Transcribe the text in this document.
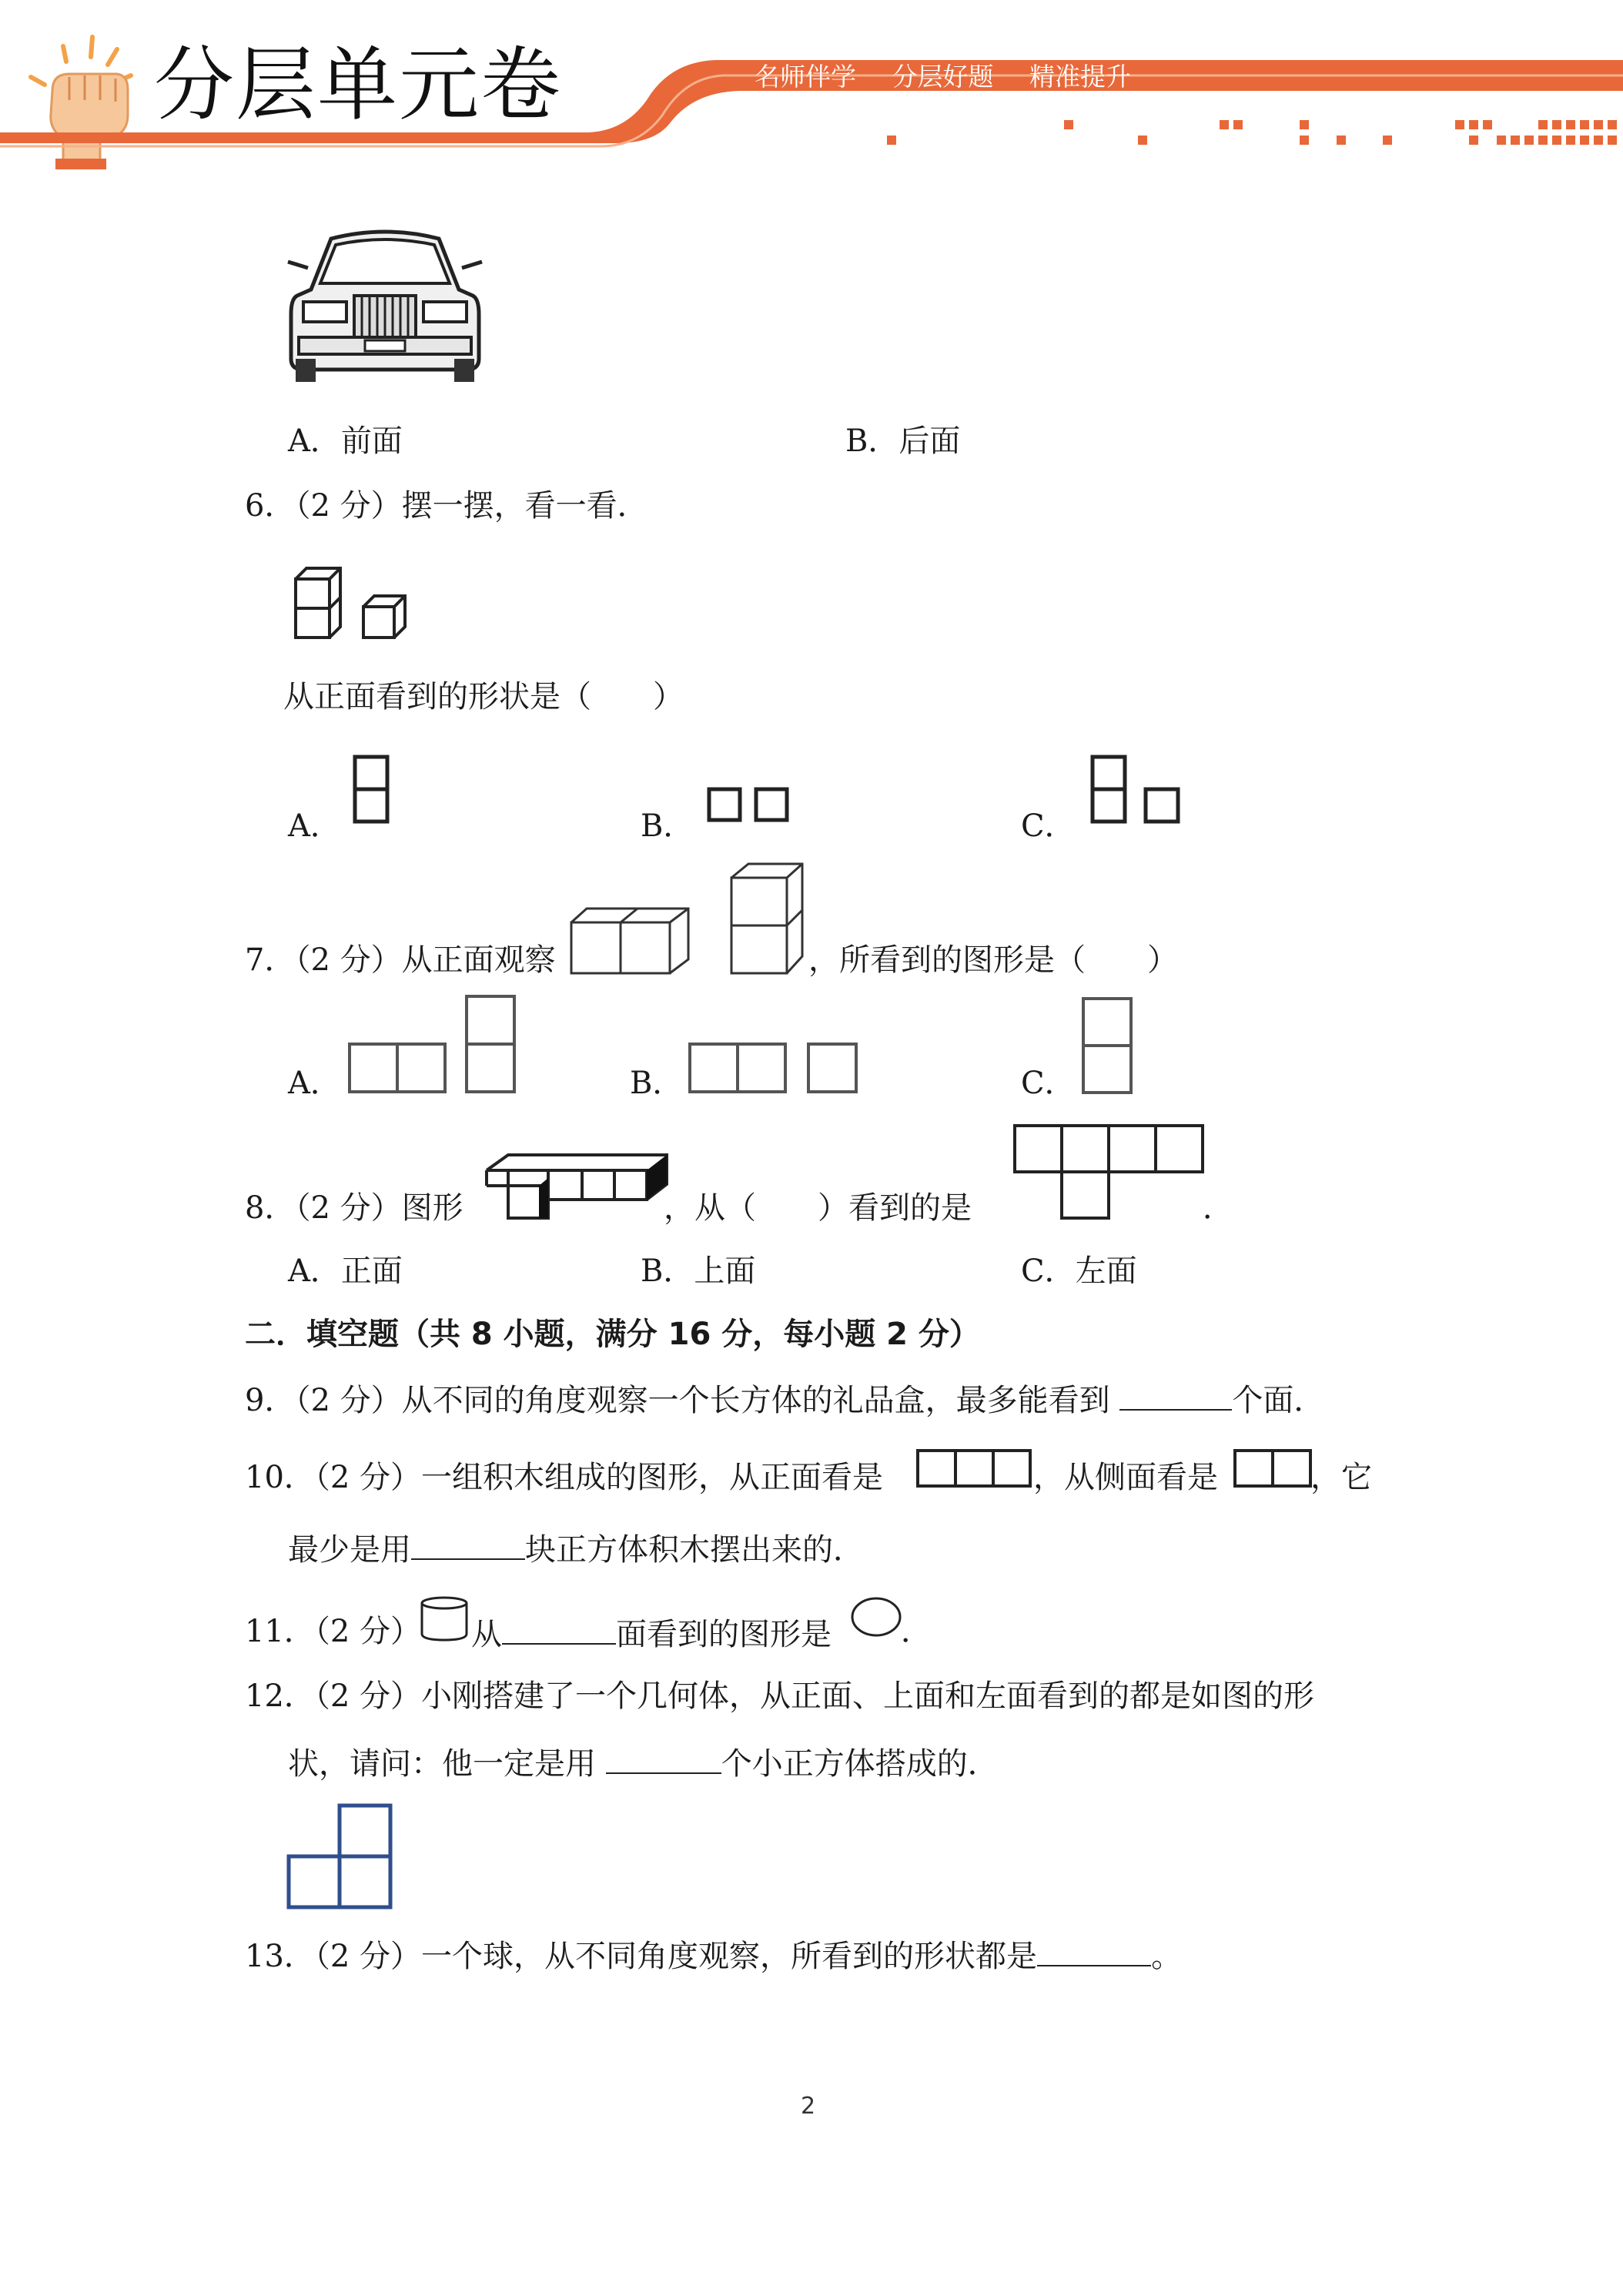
分层单元卷	名师伴学 分层好题 精准提升
A．前面	B．后面
6．（2 分）摆一摆，看一看．
从正面看到的形状是（　　）
A．	B．	C．
7．（2 分）从正面观察	，所看到的图形是（　　）
A．	B．	C．
8．（2 分）图形	，从（　　）看到的是	．
A．正面	B．上面	C．左面
二．填空题（共 8 小题，满分 16 分，每小题 2 分）
9．（2 分）从不同的角度观察一个长方体的礼品盒，最多能看到	个面．
10．（2 分）一组积木组成的图形，从正面看是	，从侧面看是	，它
最少是用	块正方体积木摆出来的．
11．（2 分） 从	面看到的图形是 ．
12．（2 分）小刚搭建了一个几何体，从正面、上面和左面看到的都是如图的形
状，请问：他一定是用	个小正方体搭成的．
13．（2 分）一个球，从不同角度观察，所看到的形状都是	。
2
